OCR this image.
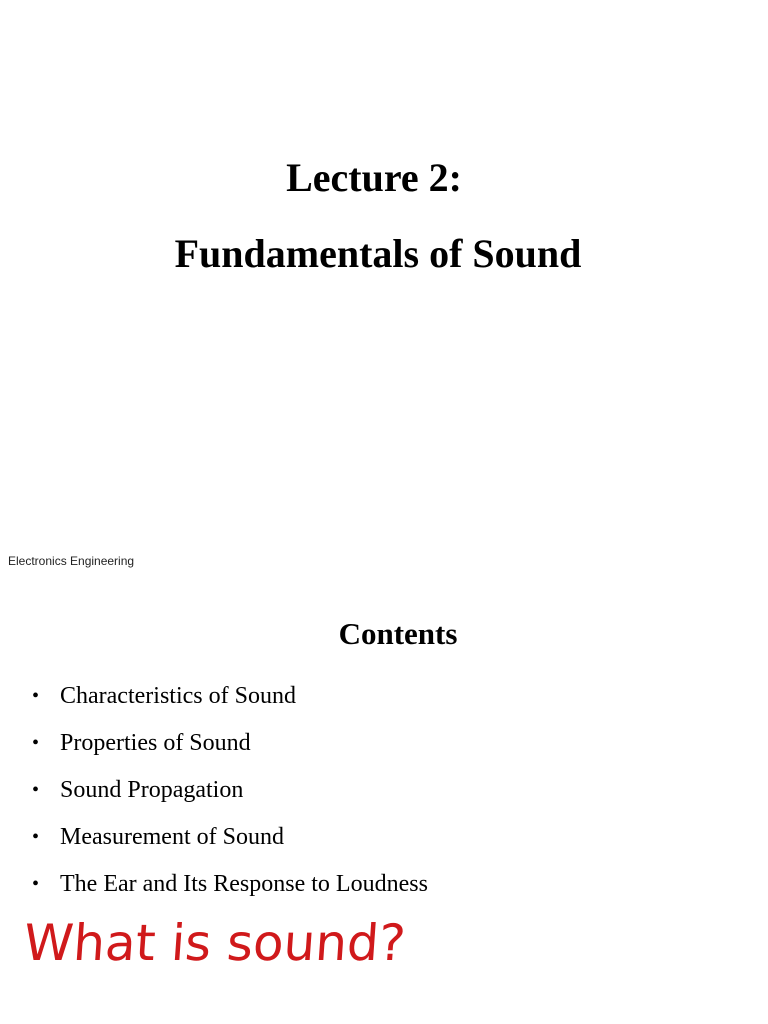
Lecture 2:
Fundamentals of Sound
Electronics Engineering
Contents
• Characteristics of Sound
• Properties of Sound
• Sound Propagation
• Measurement of Sound
• The Ear and Its Response to Loudness
What is sound?
